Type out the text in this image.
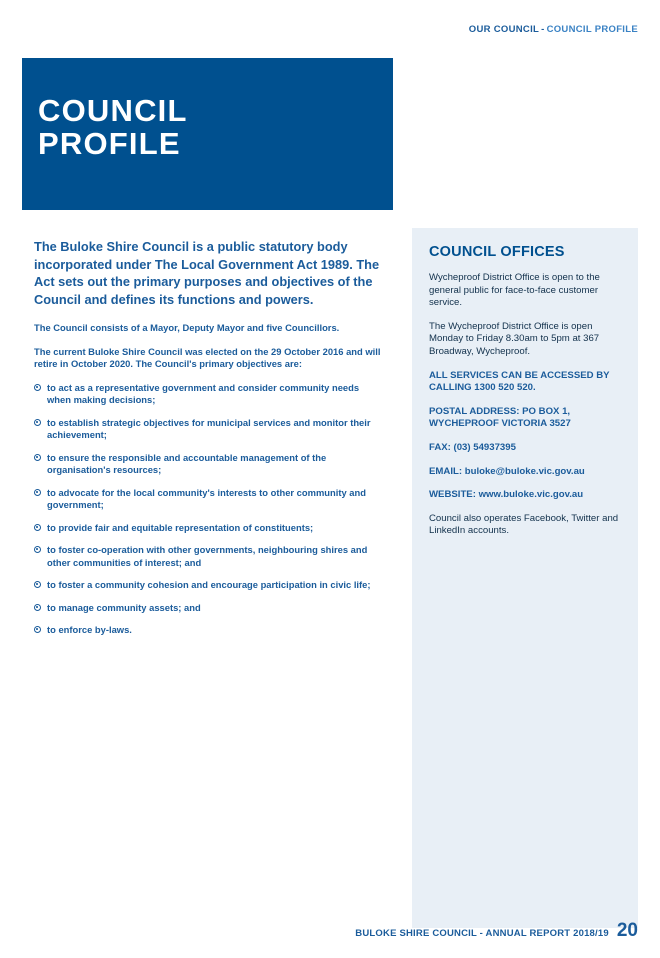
OUR COUNCIL - COUNCIL PROFILE
COUNCIL
PROFILE

The Buloke Shire Council is a public statutory body incorporated under The Local Government Act 1989. The Act sets out the primary purposes and objectives of the Council and defines its functions and powers.

The Council consists of a Mayor, Deputy Mayor and five Councillors.

The current Buloke Shire Council was elected on the 29 October 2016 and will retire in October 2020. The Council's primary objectives are:

to act as a representative government and consider community needs when making decisions;
to establish strategic objectives for municipal services and monitor their achievement;
to ensure the responsible and accountable management of the organisation's resources;
to advocate for the local community's interests to other community and government;
to provide fair and equitable representation of constituents;
to foster co-operation with other governments, neighbouring shires and other communities of interest; and
to foster a community cohesion and encourage participation in civic life;
to manage community assets; and
to enforce by-laws.
COUNCIL OFFICES

Wycheproof District Office is open to the general public for face-to-face customer service.

The Wycheproof District Office is open Monday to Friday 8.30am to 5pm at 367 Broadway, Wycheproof.

ALL SERVICES CAN BE ACCESSED BY CALLING 1300 520 520.

POSTAL ADDRESS: PO BOX 1, WYCHEPROOF VICTORIA 3527

FAX: (03) 54937395

EMAIL: buloke@buloke.vic.gov.au

WEBSITE: www.buloke.vic.gov.au

Council also operates Facebook, Twitter and LinkedIn accounts.

BULOKE SHIRE COUNCIL - ANNUAL REPORT 2018/19 20
